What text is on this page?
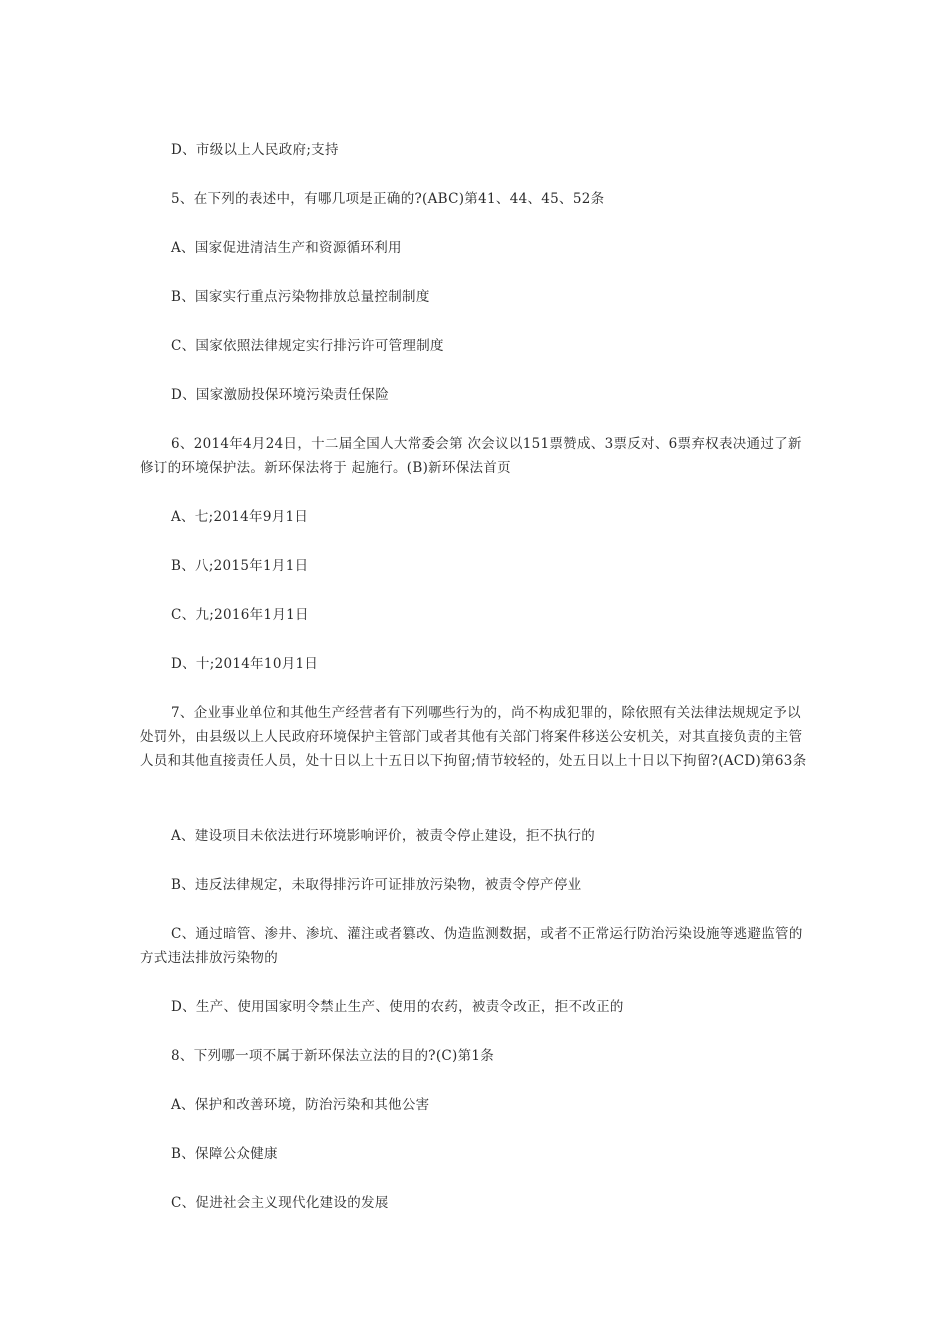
D、市级以上人民政府;支持

5、在下列的表述中，有哪几项是正确的?(ABC)第41、44、45、52条

A、国家促进清洁生产和资源循环利用

B、国家实行重点污染物排放总量控制制度

C、国家依照法律规定实行排污许可管理制度

D、国家激励投保环境污染责任保险

6、2014年4月24日，十二届全国人大常委会第 次会议以151票赞成、3票反对、6票弃权表决通过了新修订的环境保护法。新环保法将于 起施行。(B)新环保法首页

A、七;2014年9月1日

B、八;2015年1月1日

C、九;2016年1月1日

D、十;2014年10月1日

7、企业事业单位和其他生产经营者有下列哪些行为的，尚不构成犯罪的，除依照有关法律法规规定予以处罚外，由县级以上人民政府环境保护主管部门或者其他有关部门将案件移送公安机关，对其直接负责的主管人员和其他直接责任人员，处十日以上十五日以下拘留;情节较轻的，处五日以上十日以下拘留?(ACD)第63条

A、建设项目未依法进行环境影响评价，被责令停止建设，拒不执行的

B、违反法律规定，未取得排污许可证排放污染物，被责令停产停业

C、通过暗管、渗井、渗坑、灌注或者篡改、伪造监测数据，或者不正常运行防治污染设施等逃避监管的方式违法排放污染物的

D、生产、使用国家明令禁止生产、使用的农药，被责令改正，拒不改正的

8、下列哪一项不属于新环保法立法的目的?(C)第1条

A、保护和改善环境，防治污染和其他公害

B、保障公众健康

C、促进社会主义现代化建设的发展
